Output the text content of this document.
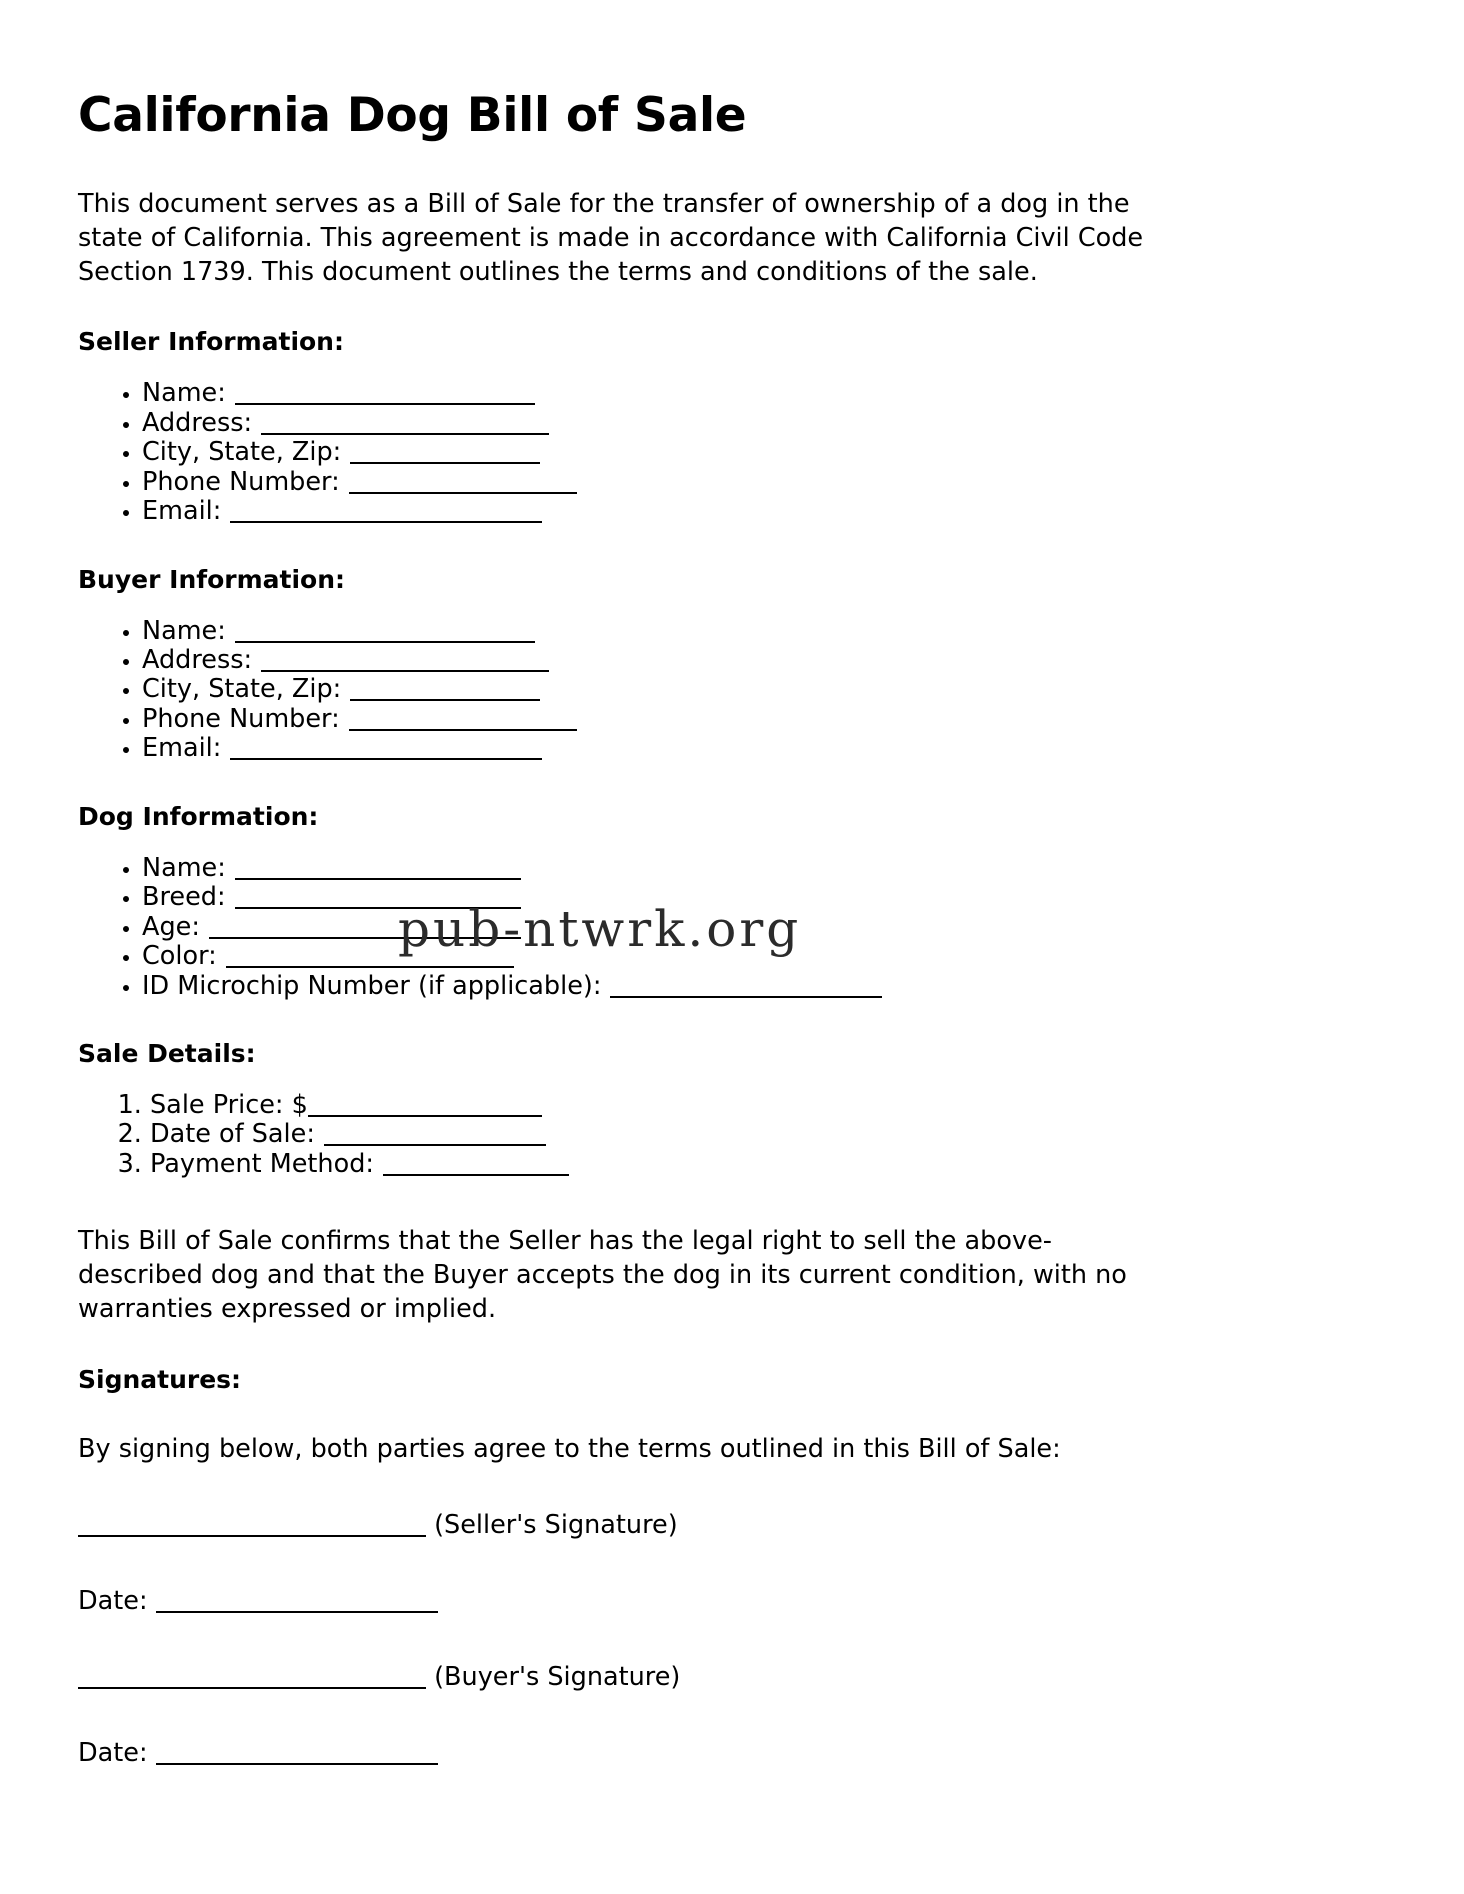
California Dog Bill of Sale

This document serves as a Bill of Sale for the transfer of ownership of a dog in the state of California. This agreement is made in accordance with California Civil Code Section 1739. This document outlines the terms and conditions of the sale.

Seller Information:
• Name:
• Address:
• City, State, Zip:
• Phone Number:
• Email:
Buyer Information:
• Name:
• Address:
• City, State, Zip:
• Phone Number:
• Email:
Dog Information:
• Name:
• Breed:
• Age:
• Color:
• ID Microchip Number (if applicable):
Sale Details:
1. Sale Price: $
2. Date of Sale:
3. Payment Method:

This Bill of Sale confirms that the Seller has the legal right to sell the above-described dog and that the Buyer accepts the dog in its current condition, with no warranties expressed or implied.

Signatures:

By signing below, both parties agree to the terms outlined in this Bill of Sale:

(Seller's Signature)
Date:
(Buyer's Signature)
Date:
pub-ntwrk.org
